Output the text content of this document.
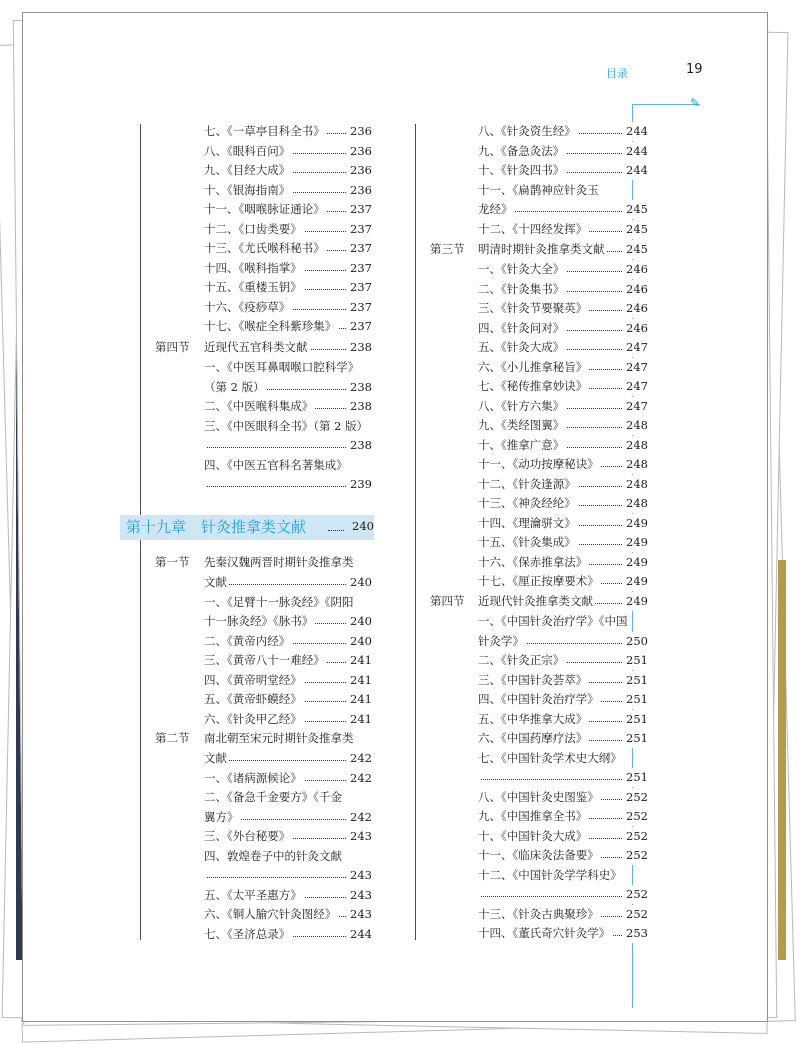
目录	19
✎
第十九章　针灸推拿类文献	240
七、《一草亭目科全书》 236
八、《眼科百问》	236
九、《目经大成》	236
十、《银海指南》	236
十一、《咽喉脉证通论》 237
十二、《口齿类要》	237
十三、《尤氏喉科秘书》 237
十四、《喉科指掌》	237
十五、《重楼玉钥》	237
十六、《疫痧草》	237
十七、《喉症全科紫珍集》 237
第四节 近现代五官科类文献	238
一、《中医耳鼻咽喉口腔科学》
（第 2 版）	238
二、《中医喉科集成》	238
三、《中医眼科全书》（第 2 版）
238
四、《中医五官科名著集成》
239
第一节 先秦汉魏两晋时期针灸推拿类
文献	240
一、《足臂十一脉灸经》《阴阳
十一脉灸经》《脉书》	240
二、《黄帝内经》	240
三、《黄帝八十一难经》 241
四、《黄帝明堂经》	241
五、《黄帝虾蟆经》	241
六、《针灸甲乙经》	241
第二节 南北朝至宋元时期针灸推拿类
文献	242
一、《诸病源候论》	242
二、《备急千金要方》《千金
翼方》	242
三、《外台秘要》	243
四、敦煌卷子中的针灸文献
243
五、《太平圣惠方》	243
六、《铜人腧穴针灸图经》 243
七、《圣济总录》	244
八、《针灸资生经》	244
九、《备急灸法》	244
十、《针灸四书》	244
十一、《扁鹊神应针灸玉
龙经》	245
十二、《十四经发挥》	245
第三节 明清时期针灸推拿类文献 245
一、《针灸大全》	246
二、《针灸集书》	246
三、《针灸节要聚英》	246
四、《针灸问对》	246
五、《针灸大成》	247
六、《小儿推拿秘旨》	247
七、《秘传推拿妙诀》	247
八、《针方六集》	247
九、《类经图翼》	248
十、《推拿广意》	248
十一、《动功按摩秘诀》 248
十二、《针灸逢源》	248
十三、《神灸经纶》	248
十四、《理瀹骈文》	249
十五、《针灸集成》	249
十六、《保赤推拿法》	249
十七、《厘正按摩要术》 249
第四节 近现代针灸推拿类文献	249
一、《中国针灸治疗学》《中国
针灸学》	250
二、《针灸正宗》	251
三、《中国针灸荟萃》	251
四、《中国针灸治疗学》 251
五、《中华推拿大成》	251
六、《中国药摩疗法》	251
七、《中国针灸学术史大纲》
251
八、《中国针灸史图鉴》 252
九、《中国推拿全书》	252
十、《中国针灸大成》	252
十一、《临床灸法备要》 252
十二、《中国针灸学学科史》
252
十三、《针灸古典聚珍》 252
十四、《董氏奇穴针灸学》 253
